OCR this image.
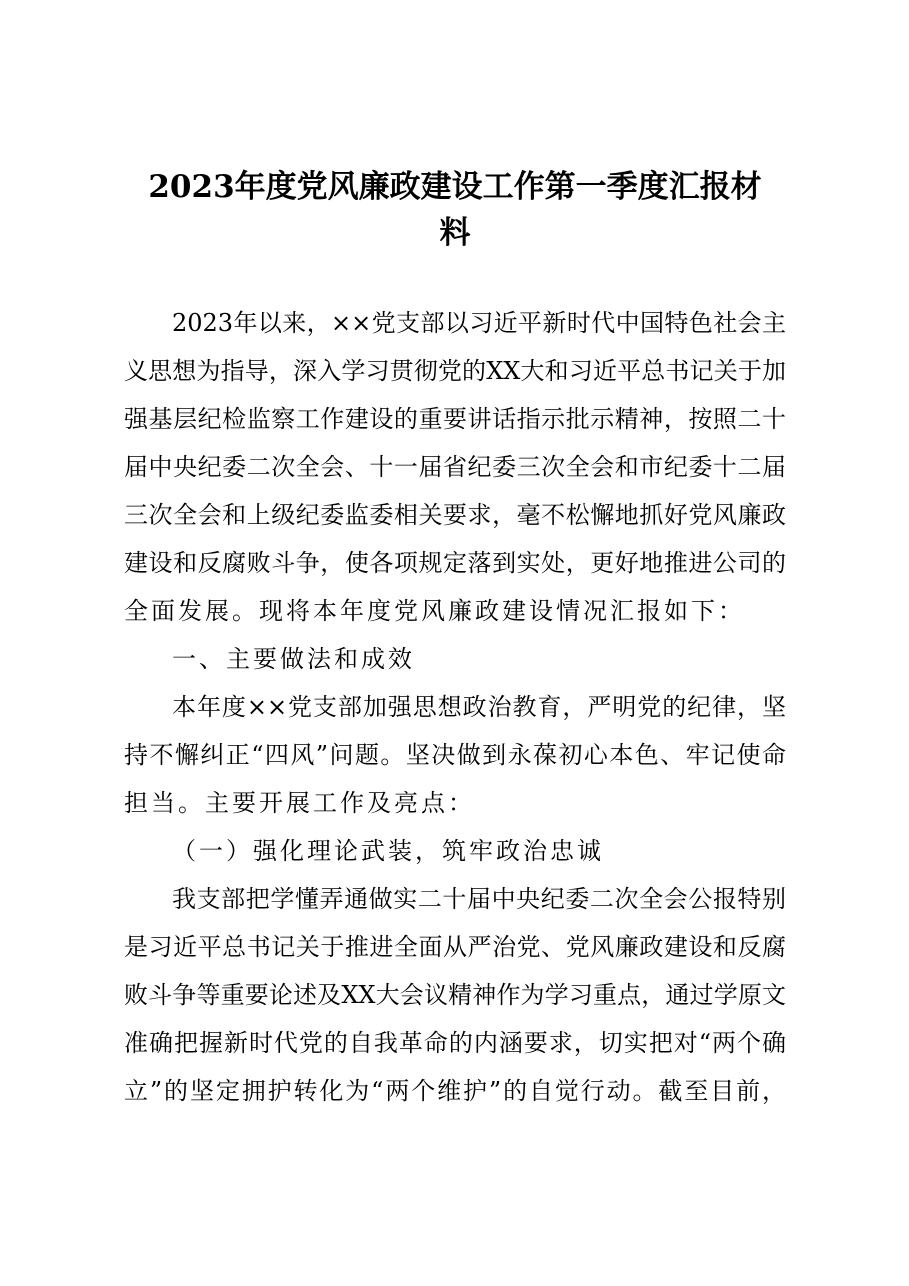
2023年度党风廉政建设工作第一季度汇报材
料
2023年以来，××党支部以习近平新时代中国特色社会主
义思想为指导，深入学习贯彻党的XX大和习近平总书记关于加
强基层纪检监察工作建设的重要讲话指示批示精神，按照二十
届中央纪委二次全会、十一届省纪委三次全会和市纪委十二届
三次全会和上级纪委监委相关要求，毫不松懈地抓好党风廉政
建设和反腐败斗争，使各项规定落到实处，更好地推进公司的
全面发展。现将本年度党风廉政建设情况汇报如下：
一、主要做法和成效
本年度××党支部加强思想政治教育，严明党的纪律，坚
持不懈纠正“四风”问题。坚决做到永葆初心本色、牢记使命
担当。主要开展工作及亮点：
（一）强化理论武装，筑牢政治忠诚
我支部把学懂弄通做实二十届中央纪委二次全会公报特别
是习近平总书记关于推进全面从严治党、党风廉政建设和反腐
败斗争等重要论述及XX大会议精神作为学习重点，通过学原文
准确把握新时代党的自我革命的内涵要求，切实把对“两个确
立”的坚定拥护转化为“两个维护”的自觉行动。截至目前，
